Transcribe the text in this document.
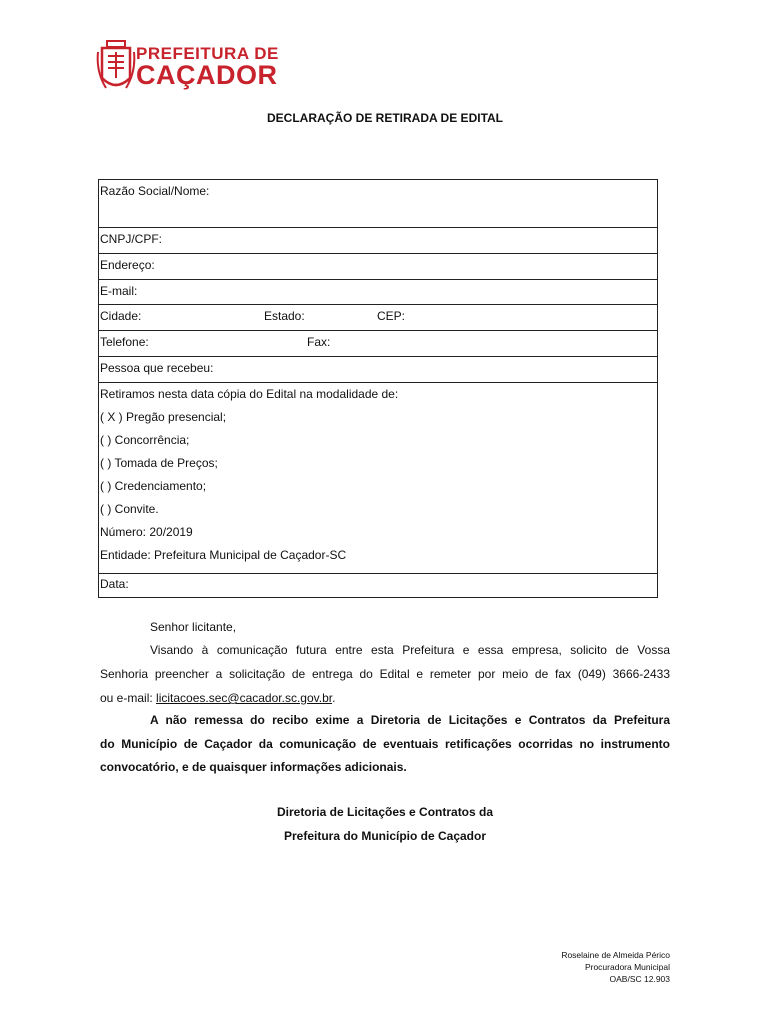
PREFEITURA DE
CAÇADOR
DECLARAÇÃO DE RETIRADA DE EDITAL
Razão Social/Nome:
CNPJ/CPF:
Endereço:
E-mail:
Cidade:	Estado:	CEP:
Telefone:	Fax:
Pessoa que recebeu:
Retiramos nesta data cópia do Edital na modalidade de:
( X ) Pregão presencial;
( ) Concorrência;
( ) Tomada de Preços;
( ) Credenciamento;
( ) Convite.
Número: 20/2019
Entidade: Prefeitura Municipal de Caçador-SC
Data:
Senhor licitante,
Visando à comunicação futura entre esta Prefeitura e essa empresa, solicito de Vossa
Senhoria preencher a solicitação de entrega do Edital e remeter por meio de fax (049) 3666-2433
ou e-mail: licitacoes.sec@cacador.sc.gov.br.
A não remessa do recibo exime a Diretoria de Licitações e Contratos da Prefeitura
do Município de Caçador da comunicação de eventuais retificações ocorridas no instrumento
convocatório, e de quaisquer informações adicionais.
Diretoria de Licitações e Contratos da
Prefeitura do Município de Caçador
Roselaine de Almeida Périco
Procuradora Municipal
OAB/SC 12.903
